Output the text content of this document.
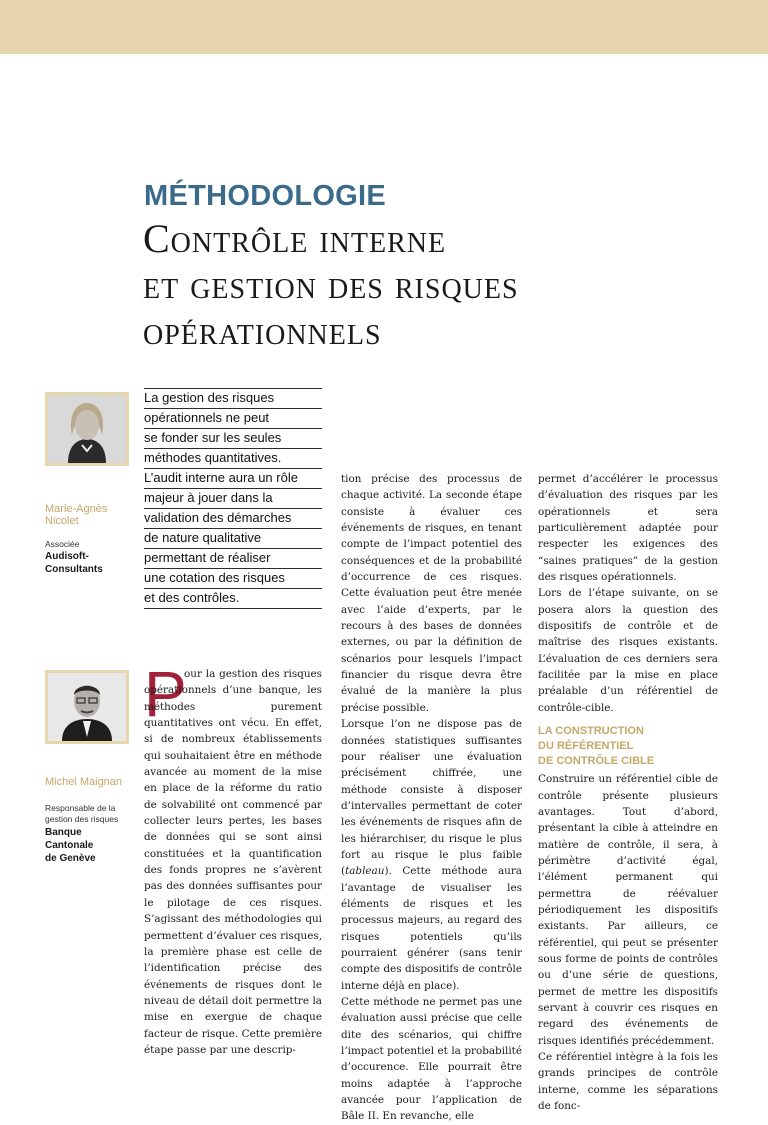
MÉTHODOLOGIE
Contrôle interne
et gestion des risques
opérationnels

Marie-Agnès Nicolet

Associée

Audisoft-Consultants

Michel Maignan

Responsable de la gestion des risques

Banque Cantonale de Genève

La gestion des risques
opérationnels ne peut
se fonder sur les seules
méthodes quantitatives.
L’audit interne aura un rôle
majeur à jouer dans la
validation des démarches
de nature qualitative
permettant de réaliser
une cotation des risques
et des contrôles.
P

our la gestion des risques opérationnels d’une banque, les méthodes purement quantitatives ont vécu. En effet, si de nombreux établissements qui souhaitaient être en méthode avancée au moment de la mise en place de la réforme du ratio de solvabilité ont commencé par collecter leurs pertes, les bases de données qui se sont ainsi constituées et la quantification des fonds propres ne s’avèrent pas des données suffisantes pour le pilotage de ces risques. S’agissant des méthodologies qui permettent d’évaluer ces risques, la première phase est celle de l’identification précise des événements de risques dont le niveau de détail doit permettre la mise en exergue de chaque facteur de risque. Cette première étape passe par une descrip-

tion précise des processus de chaque activité. La seconde étape consiste à évaluer ces événements de risques, en tenant compte de l’impact potentiel des conséquences et de la probabilité d’occurrence de ces risques. Cette évaluation peut être menée avec l’aide d’experts, par le recours à des bases de données externes, ou par la définition de scénarios pour lesquels l’impact financier du risque devra être évalué de la manière la plus précise possible.

Lorsque l’on ne dispose pas de données statistiques suffisantes pour réaliser une évaluation précisément chiffrée, une méthode consiste à disposer d’intervalles permettant de coter les événements de risques afin de les hiérarchiser, du risque le plus fort au risque le plus faible (tableau). Cette méthode aura l’avantage de visualiser les éléments de risques et les processus majeurs, au regard des risques potentiels qu’ils pourraient générer (sans tenir compte des dispositifs de contrôle interne déjà en place).

Cette méthode ne permet pas une évaluation aussi précise que celle dite des scénarios, qui chiffre l’impact potentiel et la probabilité d’occurence. Elle pourrait être moins adaptée à l’approche avancée pour l’application de Bâle II. En revanche, elle

permet d’accélérer le processus d’évaluation des risques par les opérationnels et sera particulièrement adaptée pour respecter les exigences des “saines pratiques” de la gestion des risques opérationnels.

Lors de l’étape suivante, on se posera alors la question des dispositifs de contrôle et de maîtrise des risques existants. L’évaluation de ces derniers sera facilitée par la mise en place préalable d’un référentiel de contrôle-cible.

LA CONSTRUCTION
DU RÉFÉRENTIEL
DE CONTRÔLE CIBLE

Construire un référentiel cible de contrôle présente plusieurs avantages. Tout d’abord, présentant la cible à atteindre en matière de contrôle, il sera, à périmètre d’activité égal, l’élément permanent qui permettra de réévaluer périodiquement les dispositifs existants. Par ailleurs, ce référentiel, qui peut se présenter sous forme de points de contrôles ou d’une série de questions, permet de mettre les dispositifs servant à couvrir ces risques en regard des événements de risques identifiés précédemment.

Ce référentiel intègre à la fois les grands principes de contrôle interne, comme les séparations de fonc-
